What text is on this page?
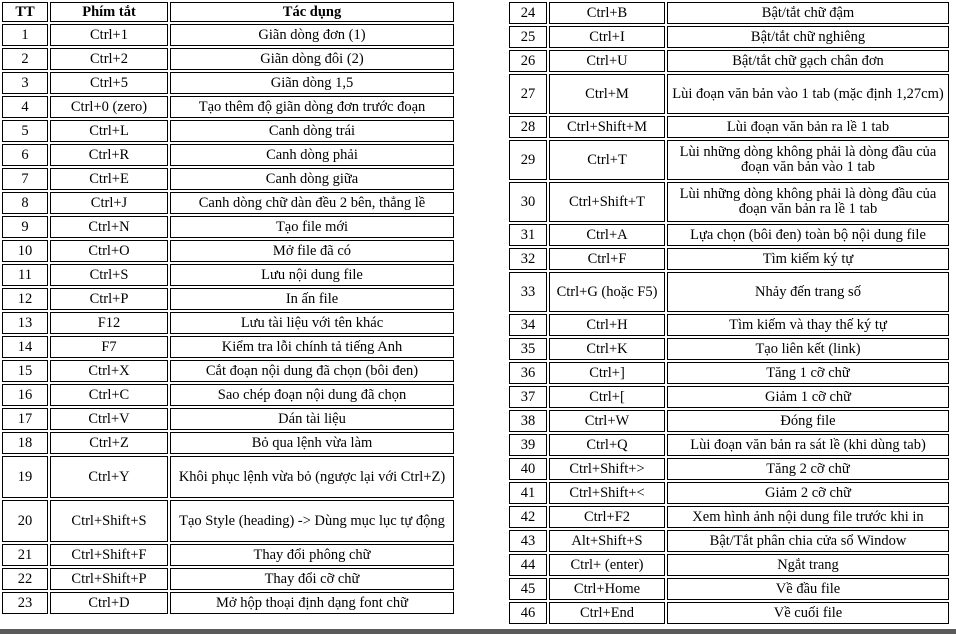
TT	Phím tắt	Tác dụng
1	Ctrl+1	Giãn dòng đơn (1)
2	Ctrl+2	Giãn dòng đôi (2)
3	Ctrl+5	Giãn dòng 1,5
4	Ctrl+0 (zero)	Tạo thêm độ giãn dòng đơn trước đoạn
5	Ctrl+L	Canh dòng trái
6	Ctrl+R	Canh dòng phải
7	Ctrl+E	Canh dòng giữa
8	Ctrl+J	Canh dòng chữ dàn đều 2 bên, thẳng lề
9	Ctrl+N	Tạo file mới
10	Ctrl+O	Mở file đã có
11	Ctrl+S	Lưu nội dung file
12	Ctrl+P	In ấn file
13	F12	Lưu tài liệu với tên khác
14	F7	Kiểm tra lỗi chính tả tiếng Anh
15	Ctrl+X	Cắt đoạn nội dung đã chọn (bôi đen)
16	Ctrl+C	Sao chép đoạn nội dung đã chọn
17	Ctrl+V	Dán tài liệu
18	Ctrl+Z	Bỏ qua lệnh vừa làm
19	Ctrl+Y	Khôi phục lệnh vừa bỏ (ngược lại với Ctrl+Z)
20	Ctrl+Shift+S	Tạo Style (heading) -> Dùng mục lục tự động
21	Ctrl+Shift+F	Thay đổi phông chữ
22	Ctrl+Shift+P	Thay đổi cỡ chữ
23	Ctrl+D	Mở hộp thoại định dạng font chữ
24	Ctrl+B	Bật/tắt chữ đậm
25	Ctrl+I	Bật/tắt chữ nghiêng
26	Ctrl+U	Bật/tắt chữ gạch chân đơn
27	Ctrl+M	Lùi đoạn văn bản vào 1 tab (mặc định 1,27cm)
28	Ctrl+Shift+M	Lùi đoạn văn bản ra lề 1 tab
29	Ctrl+T	Lùi những dòng không phải là dòng đầu của đoạn văn bản vào 1 tab
30	Ctrl+Shift+T	Lùi những dòng không phải là dòng đầu của đoạn văn bản ra lề 1 tab
31	Ctrl+A	Lựa chọn (bôi đen) toàn bộ nội dung file
32	Ctrl+F	Tìm kiếm ký tự
33	Ctrl+G (hoặc F5)	Nhảy đến trang số
34	Ctrl+H	Tìm kiếm và thay thế ký tự
35	Ctrl+K	Tạo liên kết (link)
36	Ctrl+]	Tăng 1 cỡ chữ
37	Ctrl+[	Giảm 1 cỡ chữ
38	Ctrl+W	Đóng file
39	Ctrl+Q	Lùi đoạn văn bản ra sát lề (khi dùng tab)
40	Ctrl+Shift+>	Tăng 2 cỡ chữ
41	Ctrl+Shift+<	Giảm 2 cỡ chữ
42	Ctrl+F2	Xem hình ảnh nội dung file trước khi in
43	Alt+Shift+S	Bật/Tắt phân chia cửa sổ Window
44	Ctrl+ (enter)	Ngắt trang
45	Ctrl+Home	Về đầu file
46	Ctrl+End	Về cuối file
